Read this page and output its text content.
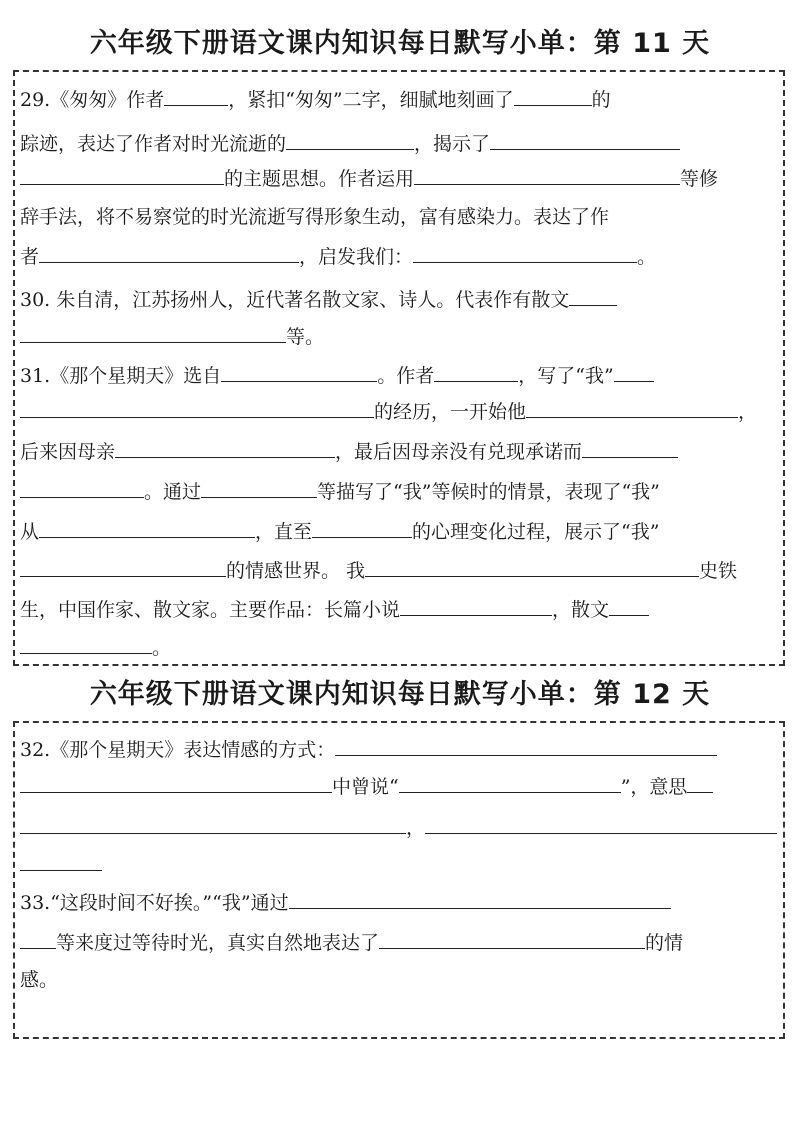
六年级下册语文课内知识每日默写小单：第 11 天
29.《匆匆》作者	，紧扣“匆匆”二字，细腻地刻画了	的
踪迹，表达了作者对时光流逝的	，揭示了
的主题思想。作者运用	等修
辞手法，将不易察觉的时光流逝写得形象生动，富有感染力。表达了作
者	，启发我们：	。
30. 朱自清，江苏扬州人，近代著名散文家、诗人。代表作有散文
等。
31.《那个星期天》选自	。作者	，写了“我”
的经历，一开始他	，
后来因母亲	，最后因母亲没有兑现承诺而
。通过	等描写了“我”等候时的情景，表现了“我”
从	，直至	的心理变化过程，展示了“我”
的情感世界。 我	史铁
生，中国作家、散文家。主要作品：长篇小说	，散文
。
六年级下册语文课内知识每日默写小单：第 12 天
32.《那个星期天》表达情感的方式：
中曾说“	”，意思
，
33.“这段时间不好挨。”“我”通过
等来度过等待时光，真实自然地表达了	的情
感。
